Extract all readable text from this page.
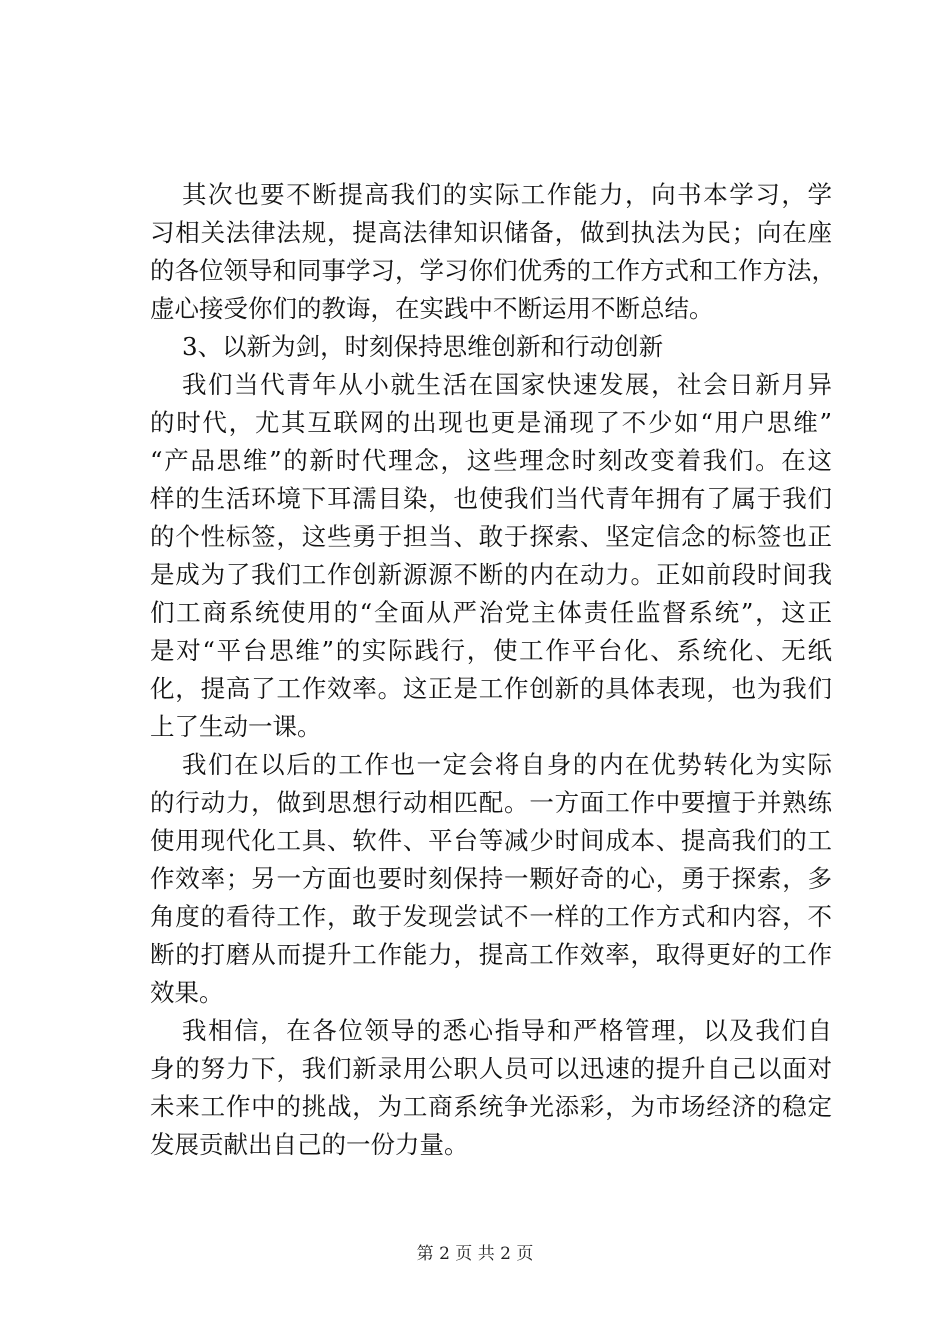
其次也要不断提高我们的实际工作能力，向书本学习，学
习相关法律法规，提高法律知识储备，做到执法为民；向在座
的各位领导和同事学习，学习你们优秀的工作方式和工作方法，
虚心接受你们的教诲，在实践中不断运用不断总结。
3、以新为剑，时刻保持思维创新和行动创新
我们当代青年从小就生活在国家快速发展，社会日新月异
的时代，尤其互联网的出现也更是涌现了不少如“用户思维”
“产品思维”的新时代理念，这些理念时刻改变着我们。在这
样的生活环境下耳濡目染，也使我们当代青年拥有了属于我们
的个性标签，这些勇于担当、敢于探索、坚定信念的标签也正
是成为了我们工作创新源源不断的内在动力。正如前段时间我
们工商系统使用的“全面从严治党主体责任监督系统”，这正
是对“平台思维”的实际践行，使工作平台化、系统化、无纸
化，提高了工作效率。这正是工作创新的具体表现，也为我们
上了生动一课。
我们在以后的工作也一定会将自身的内在优势转化为实际
的行动力，做到思想行动相匹配。一方面工作中要擅于并熟练
使用现代化工具、软件、平台等减少时间成本、提高我们的工
作效率；另一方面也要时刻保持一颗好奇的心，勇于探索，多
角度的看待工作，敢于发现尝试不一样的工作方式和内容，不
断的打磨从而提升工作能力，提高工作效率，取得更好的工作
效果。
我相信，在各位领导的悉心指导和严格管理，以及我们自
身的努力下，我们新录用公职人员可以迅速的提升自己以面对
未来工作中的挑战，为工商系统争光添彩，为市场经济的稳定
发展贡献出自己的一份力量。
第 2 页 共 2 页
